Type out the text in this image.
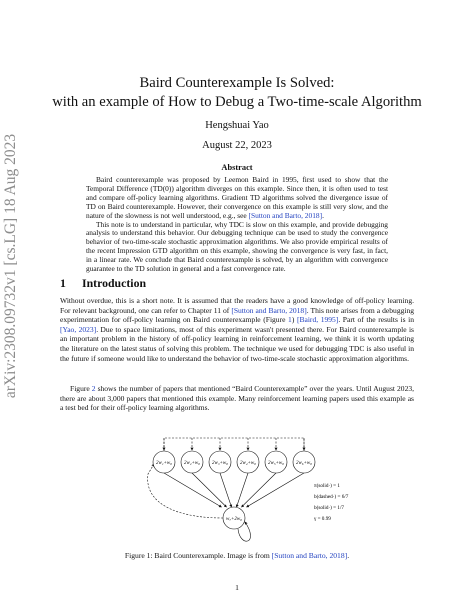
arXiv:2308.09732v1 [cs.LG] 18 Aug 2023
Baird Counterexample Is Solved:
with an example of How to Debug a Two-time-scale Algorithm
Hengshuai Yao
August 22, 2023
Abstract

Baird counterexample was proposed by Leemon Baird in 1995, first used to show that the Temporal Difference (TD(0)) algorithm diverges on this example. Since then, it is often used to test and compare off-policy learning algorithms. Gradient TD algorithms solved the divergence issue of TD on Baird counterexample. However, their convergence on this example is still very slow, and the nature of the slowness is not well understood, e.g., see [Sutton and Barto, 2018].

This note is to understand in particular, why TDC is slow on this example, and provide debugging analysis to understand this behavior. Our debugging technique can be used to study the convergence behavior of two-time-scale stochastic approximation algorithms. We also provide empirical results of the recent Impression GTD algorithm on this example, showing the convergence is very fast, in fact, in a linear rate. We conclude that Baird counterexample is solved, by an algorithm with convergence guarantee to the TD solution in general and a fast convergence rate.

1 Introduction

Without overdue, this is a short note. It is assumed that the readers have a good knowledge of off-policy learning. For relevant background, one can refer to Chapter 11 of [Sutton and Barto, 2018]. This note arises from a debugging experimentation for off-policy learning on Baird counterexample (Figure 1) [Baird, 1995]. Part of the results is in [Yao, 2023]. Due to space limitations, most of this experiment wasn't presented there. For Baird counterexample is an important problem in the history of off-policy learning in reinforcement learning, we think it is worth updating the literature on the latest status of solving this problem. The technique we used for debugging TDC is also useful in the future if someone would like to understand the behavior of two-time-scale stochastic approximation algorithms.

Figure 2 shows the number of papers that mentioned “Baird Counterexample” over the years. Until August 2023, there are about 3,000 papers that mentioned this example. Many reinforcement learning papers used this example as a test bed for their off-policy learning algorithms.

2w₁+w₈ 2w₂+w₈ 2w₃+w₈ 2w₄+w₈ 2w₅+w₈ 2w₆+w₈
w₇+2w₈
π(solid·) = 1
b(dashed·) = 6/7
b(solid·) = 1/7
γ = 0.99
Figure 1: Baird Counterexample. Image is from [Sutton and Barto, 2018].
1
